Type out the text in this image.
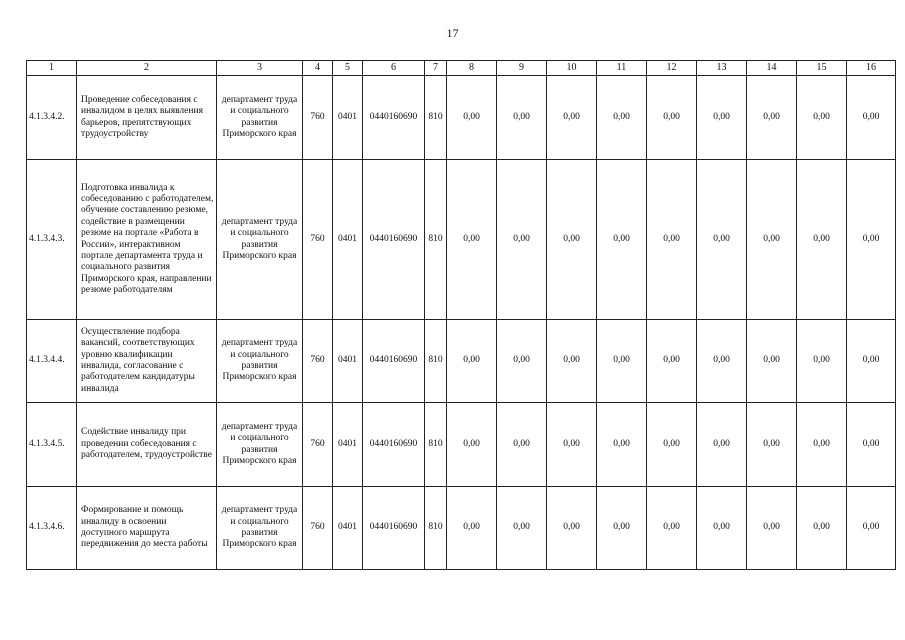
17
1	2	3	4	5	6	7	8	9	10	11	12	13	14	15	16
4.1.3.4.2.	Проведение собеседования с инвалидом в целях выявления барьеров, препятствующих трудоустройству	департамент труда и социального развития Приморского края	760	0401	0440160690	810	0,00	0,00	0,00	0,00	0,00	0,00	0,00	0,00	0,00
4.1.3.4.3.	Подготовка инвалида к собеседованию с работодателем, обучение составлению резюме, содействие в размещении резюме на портале «Работа в России», интерактивном портале департамента труда и социального развития Приморского края, направлении резюме работодателям	департамент труда и социального развития Приморского края	760	0401	0440160690	810	0,00	0,00	0,00	0,00	0,00	0,00	0,00	0,00	0,00
4.1.3.4.4.	Осуществление подбора вакансий, соответствующих уровню квалификации инвалида, согласование с работодателем кандидатуры инвалида	департамент труда и социального развития Приморского края	760	0401	0440160690	810	0,00	0,00	0,00	0,00	0,00	0,00	0,00	0,00	0,00
4.1.3.4.5.	Содействие инвалиду при проведении собеседования с работодателем, трудоустройстве	департамент труда и социального развития Приморского края	760	0401	0440160690	810	0,00	0,00	0,00	0,00	0,00	0,00	0,00	0,00	0,00
4.1.3.4.6.	Формирование и помощь инвалиду в освоении доступного маршрута передвижения до места работы	департамент труда и социального развития Приморского края	760	0401	0440160690	810	0,00	0,00	0,00	0,00	0,00	0,00	0,00	0,00	0,00
